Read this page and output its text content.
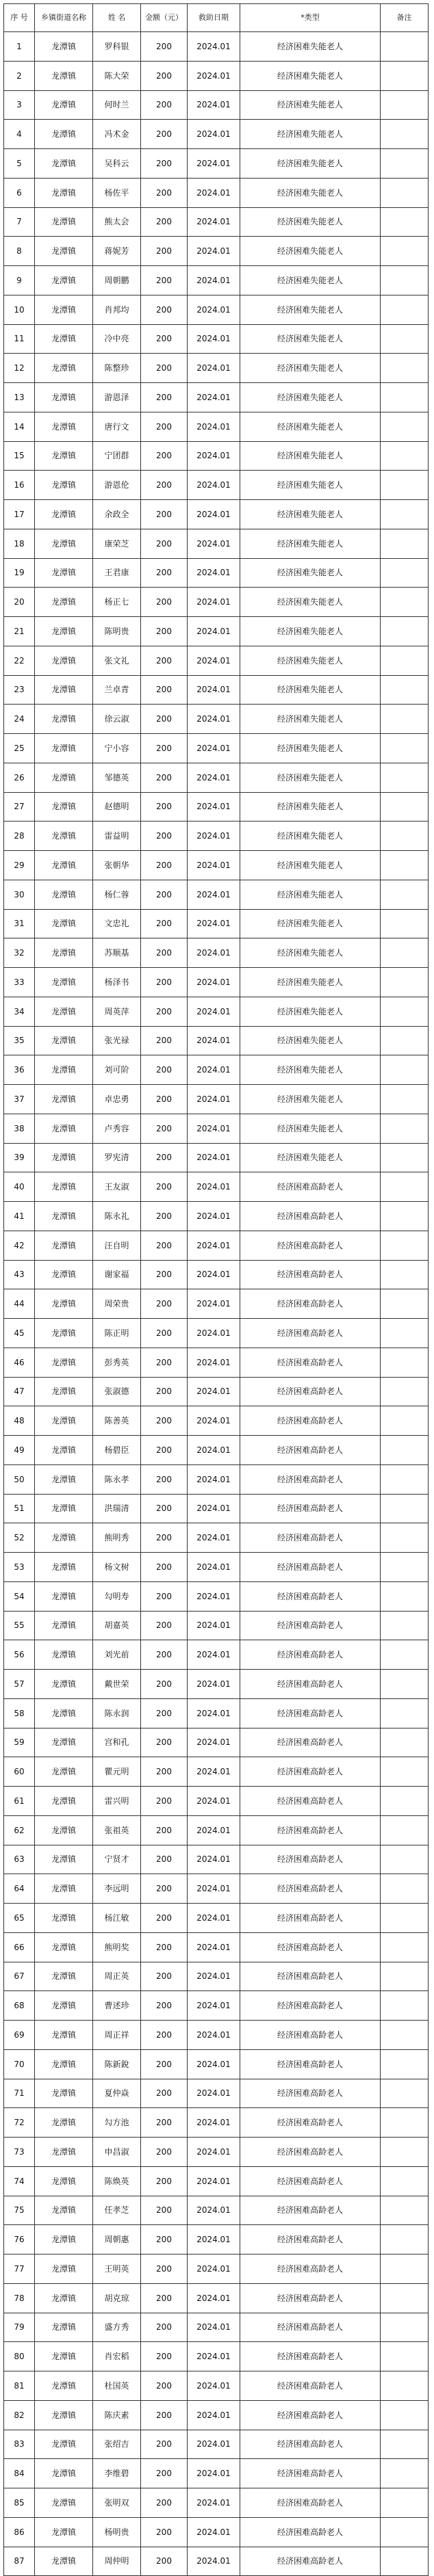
序 号	乡镇街道名称	姓 名	金额（元）	救助日期	*类型	备注
1	龙潭镇	罗科银	200	2024.01	经济困难失能老人	
2	龙潭镇	陈大荣	200	2024.01	经济困难失能老人	
3	龙潭镇	何时兰	200	2024.01	经济困难失能老人	
4	龙潭镇	冯术金	200	2024.01	经济困难失能老人	
5	龙潭镇	吴科云	200	2024.01	经济困难失能老人	
6	龙潭镇	杨佐平	200	2024.01	经济困难失能老人	
7	龙潭镇	熊太会	200	2024.01	经济困难失能老人	
8	龙潭镇	蒋妮芳	200	2024.01	经济困难失能老人	
9	龙潭镇	周朝鹏	200	2024.01	经济困难失能老人	
10	龙潭镇	肖邦均	200	2024.01	经济困难失能老人	
11	龙潭镇	冷中亮	200	2024.01	经济困难失能老人	
12	龙潭镇	陈整珍	200	2024.01	经济困难失能老人	
13	龙潭镇	游恩泽	200	2024.01	经济困难失能老人	
14	龙潭镇	唐行文	200	2024.01	经济困难失能老人	
15	龙潭镇	宁团群	200	2024.01	经济困难失能老人	
16	龙潭镇	游恩伦	200	2024.01	经济困难失能老人	
17	龙潭镇	余政全	200	2024.01	经济困难失能老人	
18	龙潭镇	康荣芝	200	2024.01	经济困难失能老人	
19	龙潭镇	王君康	200	2024.01	经济困难失能老人	
20	龙潭镇	杨正七	200	2024.01	经济困难失能老人	
21	龙潭镇	陈明贵	200	2024.01	经济困难失能老人	
22	龙潭镇	张文礼	200	2024.01	经济困难失能老人	
23	龙潭镇	兰卓青	200	2024.01	经济困难失能老人	
24	龙潭镇	徐云淑	200	2024.01	经济困难失能老人	
25	龙潭镇	宁小容	200	2024.01	经济困难失能老人	
26	龙潭镇	邹德英	200	2024.01	经济困难失能老人	
27	龙潭镇	赵德明	200	2024.01	经济困难失能老人	
28	龙潭镇	雷益明	200	2024.01	经济困难失能老人	
29	龙潭镇	张朝华	200	2024.01	经济困难失能老人	
30	龙潭镇	杨仁蓉	200	2024.01	经济困难失能老人	
31	龙潭镇	文忠礼	200	2024.01	经济困难失能老人	
32	龙潭镇	苏顺基	200	2024.01	经济困难失能老人	
33	龙潭镇	杨泽书	200	2024.01	经济困难失能老人	
34	龙潭镇	周英萍	200	2024.01	经济困难失能老人	
35	龙潭镇	张光禄	200	2024.01	经济困难失能老人	
36	龙潭镇	刘可阶	200	2024.01	经济困难失能老人	
37	龙潭镇	卓忠勇	200	2024.01	经济困难失能老人	
38	龙潭镇	卢秀容	200	2024.01	经济困难失能老人	
39	龙潭镇	罗宪清	200	2024.01	经济困难失能老人	
40	龙潭镇	王友淑	200	2024.01	经济困难高龄老人	
41	龙潭镇	陈永礼	200	2024.01	经济困难高龄老人	
42	龙潭镇	汪自明	200	2024.01	经济困难高龄老人	
43	龙潭镇	谢家福	200	2024.01	经济困难高龄老人	
44	龙潭镇	周荣贵	200	2024.01	经济困难高龄老人	
45	龙潭镇	陈正明	200	2024.01	经济困难高龄老人	
46	龙潭镇	彭秀英	200	2024.01	经济困难高龄老人	
47	龙潭镇	张淑德	200	2024.01	经济困难高龄老人	
48	龙潭镇	陈善英	200	2024.01	经济困难高龄老人	
49	龙潭镇	杨碧臣	200	2024.01	经济困难高龄老人	
50	龙潭镇	陈永孝	200	2024.01	经济困难高龄老人	
51	龙潭镇	洪瑞清	200	2024.01	经济困难高龄老人	
52	龙潭镇	熊明秀	200	2024.01	经济困难高龄老人	
53	龙潭镇	杨文树	200	2024.01	经济困难高龄老人	
54	龙潭镇	勾明寿	200	2024.01	经济困难高龄老人	
55	龙潭镇	胡嘉英	200	2024.01	经济困难高龄老人	
56	龙潭镇	刘光前	200	2024.01	经济困难高龄老人	
57	龙潭镇	戴世荣	200	2024.01	经济困难高龄老人	
58	龙潭镇	陈永润	200	2024.01	经济困难高龄老人	
59	龙潭镇	宫和孔	200	2024.01	经济困难高龄老人	
60	龙潭镇	瞿元明	200	2024.01	经济困难高龄老人	
61	龙潭镇	雷兴明	200	2024.01	经济困难高龄老人	
62	龙潭镇	张祖英	200	2024.01	经济困难高龄老人	
63	龙潭镇	宁贤才	200	2024.01	经济困难高龄老人	
64	龙潭镇	李远明	200	2024.01	经济困难高龄老人	
65	龙潭镇	杨江敏	200	2024.01	经济困难高龄老人	
66	龙潭镇	熊明奖	200	2024.01	经济困难高龄老人	
67	龙潭镇	周正英	200	2024.01	经济困难高龄老人	
68	龙潭镇	曹述珍	200	2024.01	经济困难高龄老人	
69	龙潭镇	周正祥	200	2024.01	经济困难高龄老人	
70	龙潭镇	陈新銳	200	2024.01	经济困难高龄老人	
71	龙潭镇	夏仲焱	200	2024.01	经济困难高龄老人	
72	龙潭镇	勾方池	200	2024.01	经济困难高龄老人	
73	龙潭镇	申昌淑	200	2024.01	经济困难高龄老人	
74	龙潭镇	陈焕英	200	2024.01	经济困难高龄老人	
75	龙潭镇	任孝芝	200	2024.01	经济困难高龄老人	
76	龙潭镇	周朝惠	200	2024.01	经济困难高龄老人	
77	龙潭镇	王明英	200	2024.01	经济困难高龄老人	
78	龙潭镇	胡克琼	200	2024.01	经济困难高龄老人	
79	龙潭镇	盛方秀	200	2024.01	经济困难高龄老人	
80	龙潭镇	肖宏稻	200	2024.01	经济困难高龄老人	
81	龙潭镇	杜国英	200	2024.01	经济困难高龄老人	
82	龙潭镇	陈庆素	200	2024.01	经济困难高龄老人	
83	龙潭镇	张绍吉	200	2024.01	经济困难高龄老人	
84	龙潭镇	李维碧	200	2024.01	经济困难高龄老人	
85	龙潭镇	张明双	200	2024.01	经济困难高龄老人	
86	龙潭镇	杨明贵	200	2024.01	经济困难高龄老人	
87	龙潭镇	周仲明	200	2024.01	经济困难高龄老人	
